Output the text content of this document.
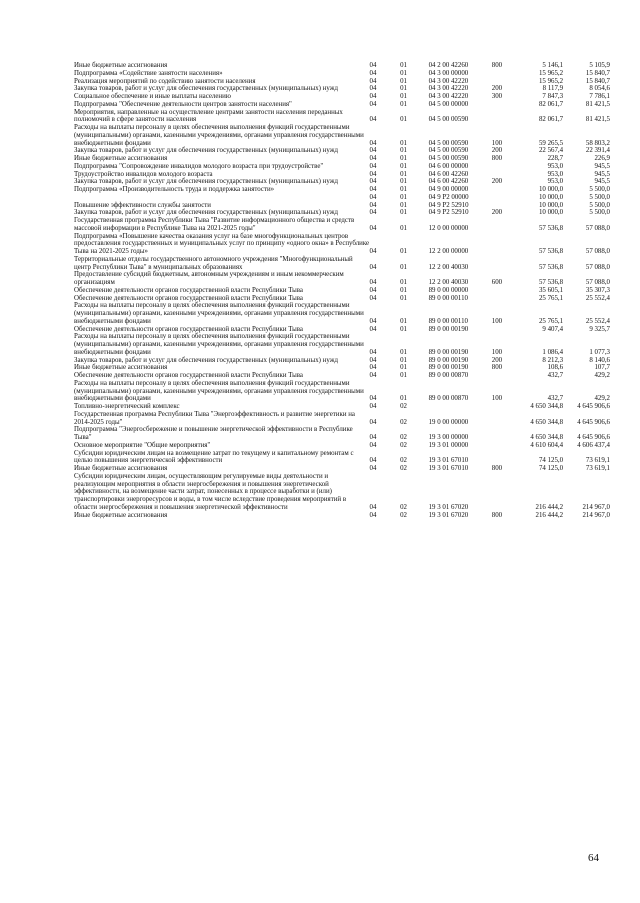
Иные бюджетные ассигнования	04	01	04 2 00 42260	800	5 146,1	5 105,9
Подпрограмма «Содействие занятости населения»	04	01	04 3 00 00000		15 965,2	15 840,7
Реализация мероприятий по содействию занятости населения	04	01	04 3 00 42220		15 965,2	15 840,7
Закупка товаров, работ и услуг для обеспечения государственных (муниципальных) нужд	04	01	04 3 00 42220	200	8 117,9	8 054,6
Социальное обеспечение и иные выплаты населению	04	01	04 3 00 42220	300	7 847,3	7 786,1
Подпрограмма "Обеспечение деятельности центров занятости населения"	04	01	04 5 00 00000		82 061,7	81 421,5
Мероприятия, направленные на осуществление центрами занятости населения переданных полномочий в сфере занятости населения	04	01	04 5 00 00590		82 061,7	81 421,5
Расходы на выплаты персоналу в целях обеспечения выполнения функций государственными (муниципальными) органами, казенными учреждениями, органами управления государственными внебюджетными фондами	04	01	04 5 00 00590	100	59 265,5	58 803,2
Закупка товаров, работ и услуг для обеспечения государственных (муниципальных) нужд	04	01	04 5 00 00590	200	22 567,4	22 391,4
Иные бюджетные ассигнования	04	01	04 5 00 00590	800	228,7	226,9
Подпрограмма "Сопровождение инвалидов молодого возраста при трудоустройстве"	04	01	04 6 00 00000		953,0	945,5
Трудоустройство инвалидов молодого возраста	04	01	04 6 00 42260		953,0	945,5
Закупка товаров, работ и услуг для обеспечения государственных (муниципальных) нужд	04	01	04 6 00 42260	200	953,0	945,5
Подпрограмма «Производительность труда и поддержка занятости»	04	01	04 9 00 00000		10 000,0	5 500,0
	04	01	04 9 P2 00000		10 000,0	5 500,0
Повышение эффективности службы занятости	04	01	04 9 P2 52910		10 000,0	5 500,0
Закупка товаров, работ и услуг для обеспечения государственных (муниципальных) нужд	04	01	04 9 P2 52910	200	10 000,0	5 500,0
Государственная программа Республики Тыва "Развитие информационного общества и средств массовой информации в Республике Тыва на 2021-2025 годы"	04	01	12 0 00 00000		57 536,8	57 088,0
Подпрограмма «Повышение качества оказания услуг на базе многофункциональных центров предоставления государственных и муниципальных услуг по принципу «одного окна» в Республике Тыва на 2021-2025 годы»	04	01	12 2 00 00000		57 536,8	57 088,0
Территориальные отделы государственного автономного учреждения "Многофункциональный центр Республики Тыва" в муниципальных образованиях	04	01	12 2 00 40030		57 536,8	57 088,0
Предоставление субсидий бюджетным, автономным учреждениям и иным некоммерческим организациям	04	01	12 2 00 40030	600	57 536,8	57 088,0
Обеспечение деятельности органов государственной власти Республики Тыва	04	01	89 0 00 00000		35 605,1	35 307,3
Обеспечение деятельности органов государственной власти Республики Тыва	04	01	89 0 00 00110		25 765,1	25 552,4
Расходы на выплаты персоналу в целях обеспечения выполнения функций государственными (муниципальными) органами, казенными учреждениями, органами управления государственными внебюджетными фондами	04	01	89 0 00 00110	100	25 765,1	25 552,4
Обеспечение деятельности органов государственной власти Республики Тыва	04	01	89 0 00 00190		9 407,4	9 325,7
Расходы на выплаты персоналу в целях обеспечения выполнения функций государственными (муниципальными) органами, казенными учреждениями, органами управления государственными внебюджетными фондами	04	01	89 0 00 00190	100	1 086,4	1 077,3
Закупка товаров, работ и услуг для обеспечения государственных (муниципальных) нужд	04	01	89 0 00 00190	200	8 212,3	8 140,6
Иные бюджетные ассигнования	04	01	89 0 00 00190	800	108,6	107,7
Обеспечение деятельности органов государственной власти Республики Тыва	04	01	89 0 00 00870		432,7	429,2
Расходы на выплаты персоналу в целях обеспечения выполнения функций государственными (муниципальными) органами, казенными учреждениями, органами управления государственными внебюджетными фондами	04	01	89 0 00 00870	100	432,7	429,2
Топливно-энергетический комплекс	04	02			4 650 344,8	4 645 906,6
Государственная программа Республики Тыва "Энергоэффективность и развитие энергетики на 2014-2025 годы"	04	02	19 0 00 00000		4 650 344,8	4 645 906,6
Подпрограмма "Энергосбережение и повышение энергетической эффективности в Республике Тыва"	04	02	19 3 00 00000		4 650 344,8	4 645 906,6
Основное мероприятие "Общие мероприятия"	04	02	19 3 01 00000		4 610 604,4	4 606 437,4
Субсидии юридическим лицам на возмещение затрат по текущему и капитальному ремонтам с целью повышения энергетической эффективности	04	02	19 3 01 67010		74 125,0	73 619,1
Иные бюджетные ассигнования	04	02	19 3 01 67010	800	74 125,0	73 619,1
Субсидии юридическим лицам, осуществляющим регулируемые виды деятельности и реализующим мероприятия в области энергосбережения и повышения энергетической эффективности, на возмещение части затрат, понесенных в процессе выработки и (или) транспортировки энергоресурсов и воды, в том числе вследствие проведения мероприятий в области энергосбережения и повышения энергетической эффективности	04	02	19 3 01 67020		216 444,2	214 967,0
Иные бюджетные ассигнования	04	02	19 3 01 67020	800	216 444,2	214 967,0
64
